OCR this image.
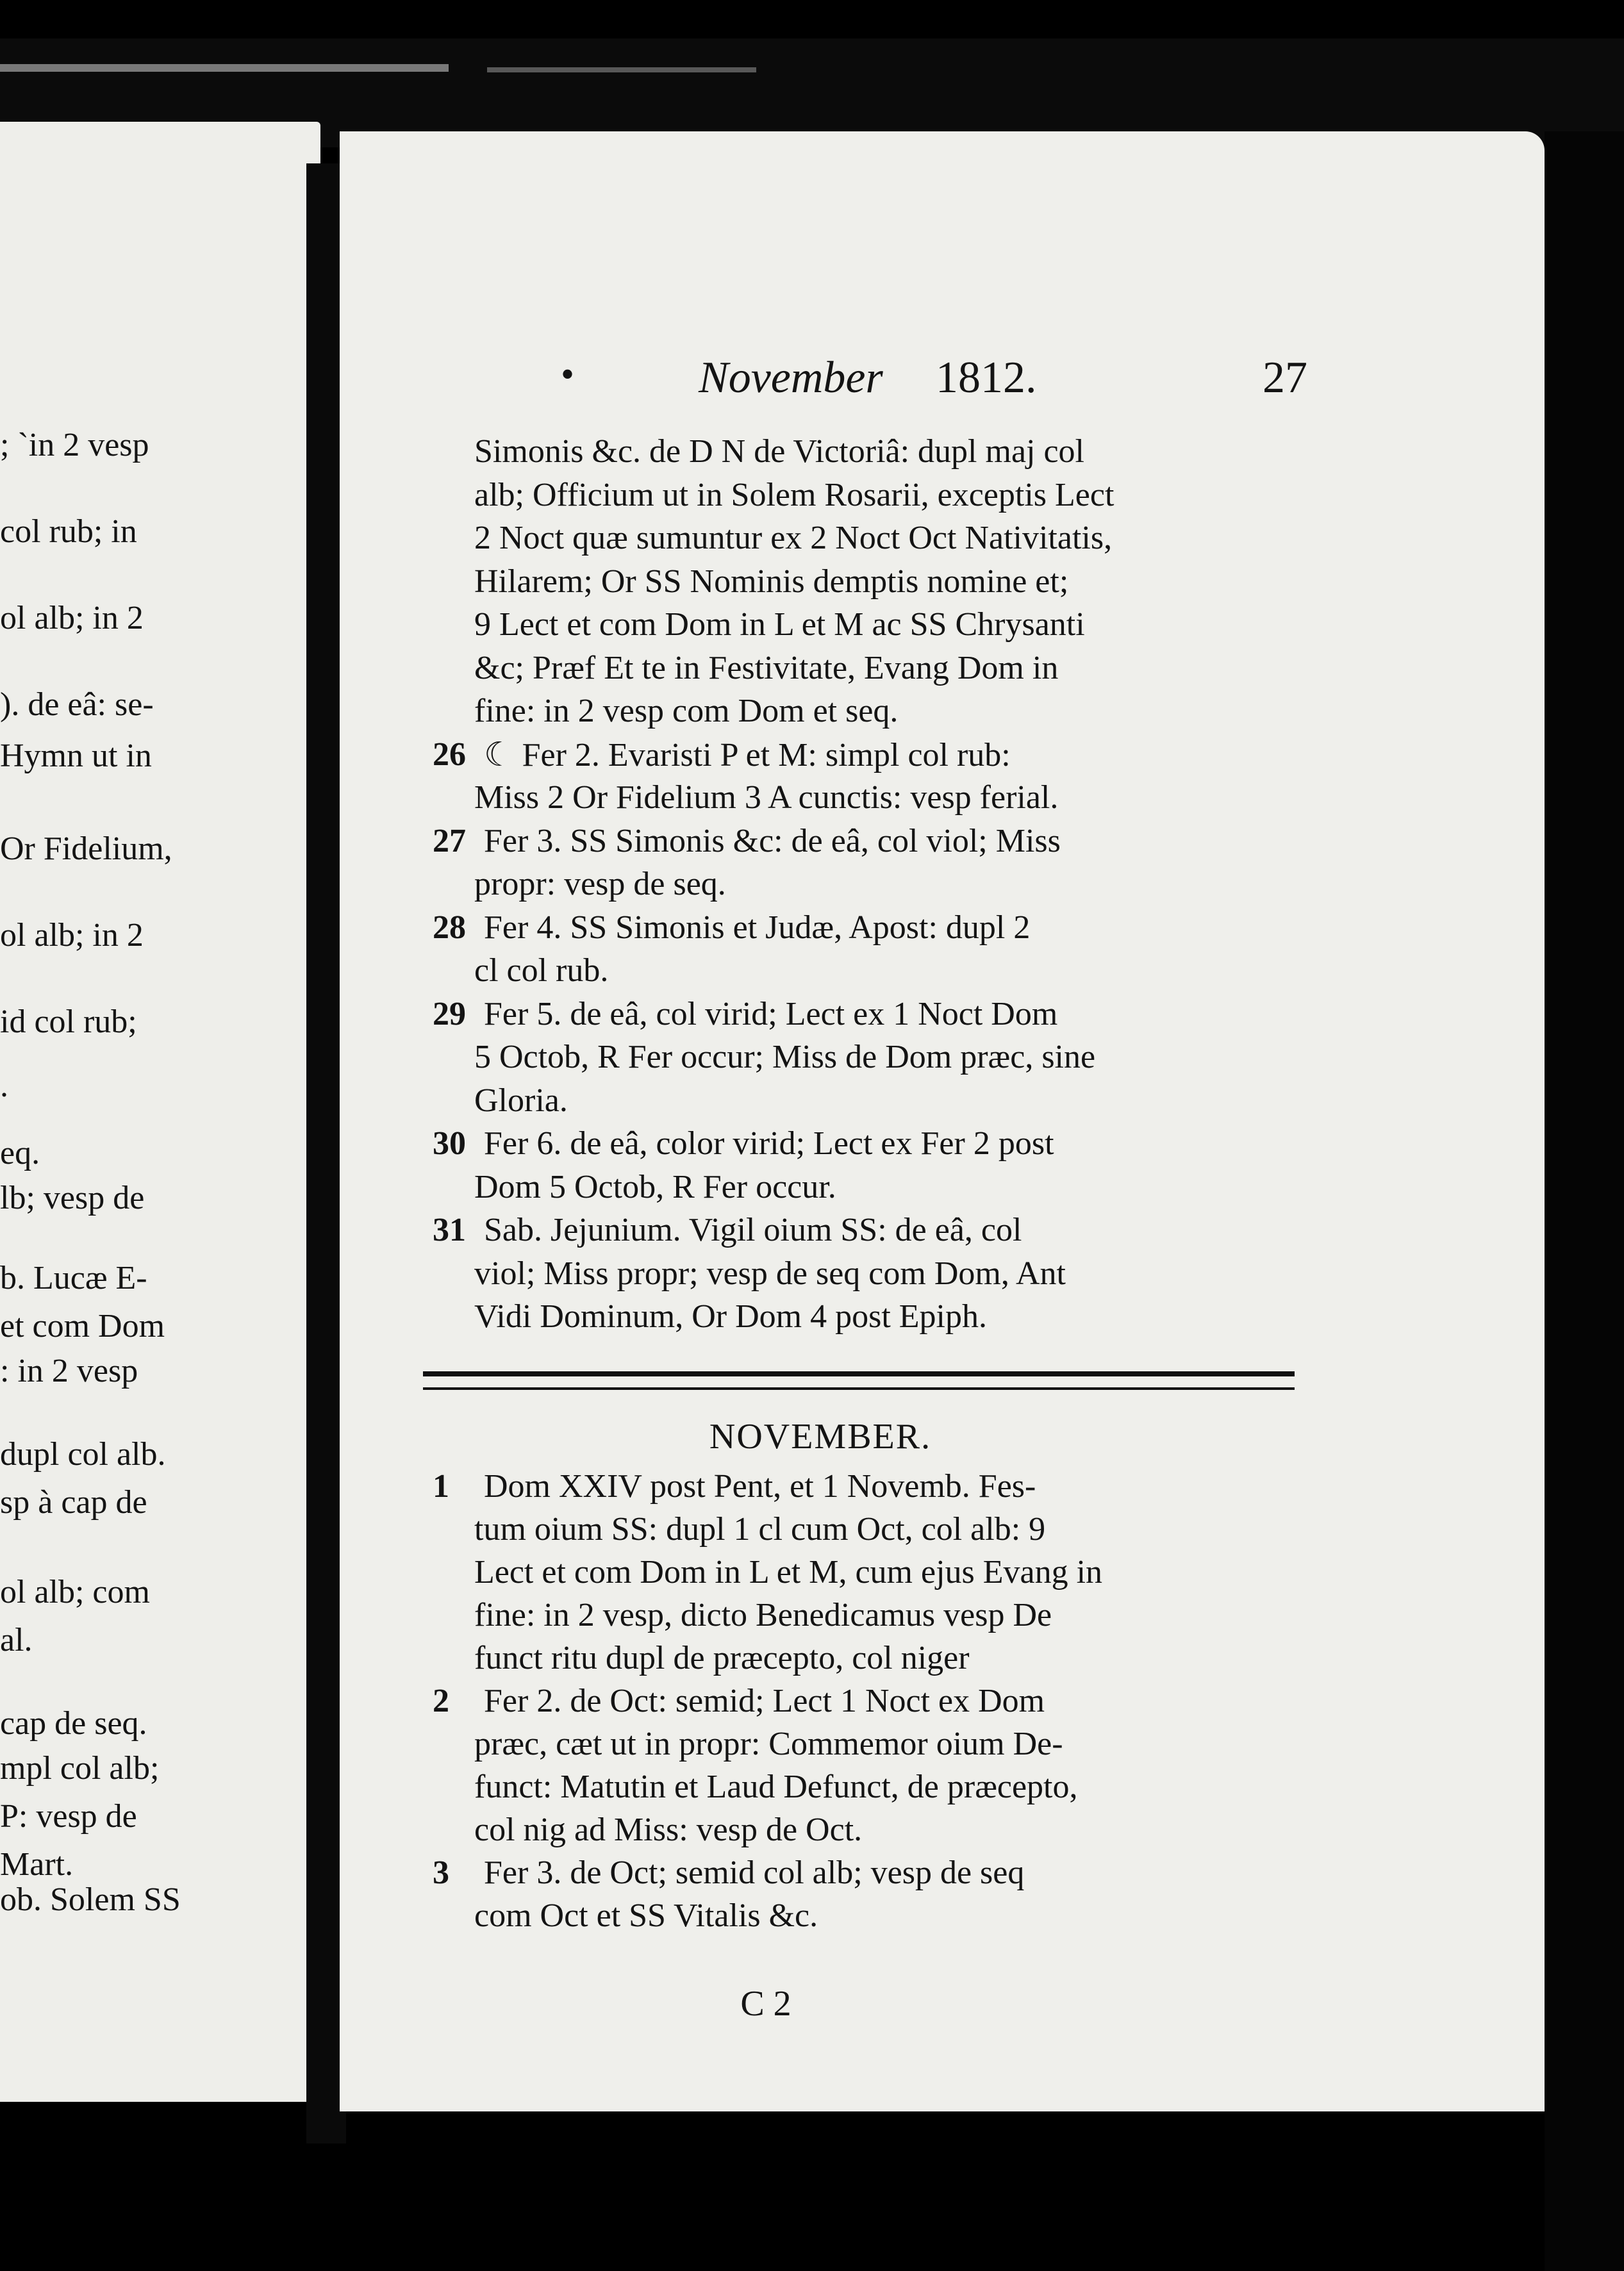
; `in 2 vesp
col rub; in
ol alb; in 2
). de eâ: se-
Hymn ut in
Or Fidelium,
ol alb; in 2
id col rub;
.
eq.
lb; vesp de
b. Lucæ E-
et com Dom
: in 2 vesp
dupl col alb.
sp à cap de
ol alb; com
al.
cap de seq.
mpl col alb;
P: vesp de
Mart.
ob. Solem SS
•	November 1812.	27
Simonis &c. de D N de Victoriâ: dupl maj col
alb; Officium ut in Solem Rosarii, exceptis Lect
2 Noct quæ sumuntur ex 2 Noct Oct Nativitatis,
Hilarem; Or SS Nominis demptis nomine et;
9 Lect et com Dom in L et M ac SS Chrysanti
&c; Præf Et te in Festivitate, Evang Dom in
fine: in 2 vesp com Dom et seq.
26 ☾ Fer 2. Evaristi P et M: simpl col rub:
Miss 2 Or Fidelium 3 A cunctis: vesp ferial.
27 Fer 3. SS Simonis &c: de eâ, col viol; Miss
propr: vesp de seq.
28 Fer 4. SS Simonis et Judæ, Apost: dupl 2
cl col rub.
29 Fer 5. de eâ, col virid; Lect ex 1 Noct Dom
5 Octob, R Fer occur; Miss de Dom præc, sine
Gloria.
30 Fer 6. de eâ, color virid; Lect ex Fer 2 post
Dom 5 Octob, R Fer occur.
31 Sab. Jejunium. Vigil oium SS: de eâ, col
viol; Miss propr; vesp de seq com Dom, Ant
Vidi Dominum, Or Dom 4 post Epiph.
NOVEMBER.
1 Dom XXIV post Pent, et 1 Novemb. Fes-
tum oium SS: dupl 1 cl cum Oct, col alb: 9
Lect et com Dom in L et M, cum ejus Evang in
fine: in 2 vesp, dicto Benedicamus vesp De
funct ritu dupl de præcepto, col niger
2 Fer 2. de Oct: semid; Lect 1 Noct ex Dom
præc, cæt ut in propr: Commemor oium De-
funct: Matutin et Laud Defunct, de præcepto,
col nig ad Miss: vesp de Oct.
3 Fer 3. de Oct; semid col alb; vesp de seq
com Oct et SS Vitalis &c.
C 2
